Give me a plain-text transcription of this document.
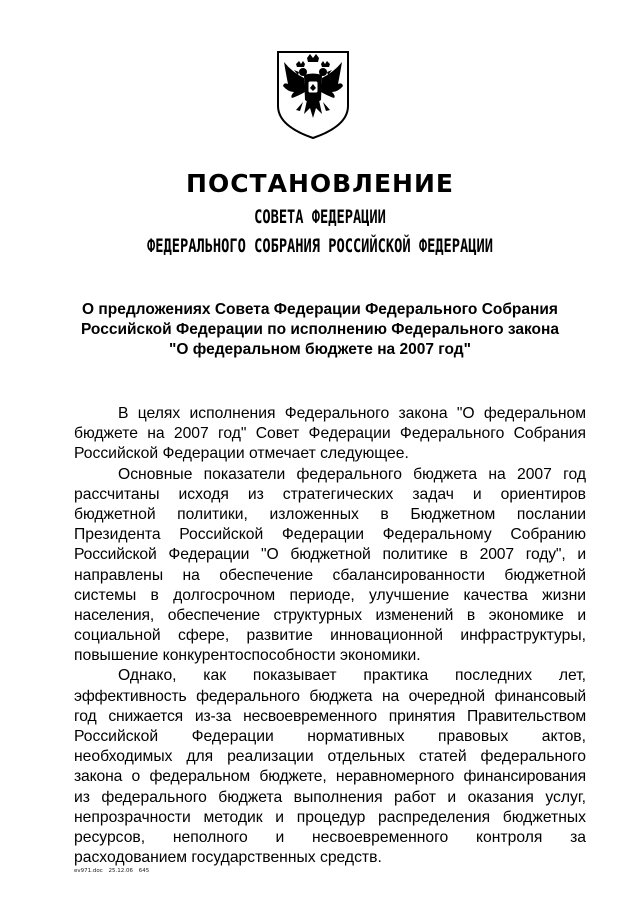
ПОСТАНОВЛЕНИЕ
СОВЕТА ФЕДЕРАЦИИ
ФЕДЕРАЛЬНОГО СОБРАНИЯ РОССИЙСКОЙ ФЕДЕРАЦИИ
О предложениях Совета Федерации Федерального Собрания
Российской Федерации по исполнению Федерального закона
"О федеральном бюджете на 2007 год"
В целях исполнения Федерального закона "О федеральном
бюджете на 2007 год" Совет Федерации Федерального Собрания
Российской Федерации отмечает следующее.
Основные показатели федерального бюджета на 2007 год
рассчитаны исходя из стратегических задач и ориентиров
бюджетной политики, изложенных в Бюджетном послании
Президента Российской Федерации Федеральному Собранию
Российской Федерации "О бюджетной политике в 2007 году", и
направлены на обеспечение сбалансированности бюджетной
системы в долгосрочном периоде, улучшение качества жизни
населения, обеспечение структурных изменений в экономике и
социальной сфере, развитие инновационной инфраструктуры,
повышение конкурентоспособности экономики.
Однако, как показывает практика последних лет,
эффективность федерального бюджета на очередной финансовый
год снижается из-за несвоевременного принятия Правительством
Российской Федерации нормативных правовых актов,
необходимых для реализации отдельных статей федерального
закона о федеральном бюджете, неравномерного финансирования
из федерального бюджета выполнения работ и оказания услуг,
непрозрачности методик и процедур распределения бюджетных
ресурсов, неполного и несвоевременного контроля за
расходованием государственных средств.
ev971.doc 25.12.06 645
